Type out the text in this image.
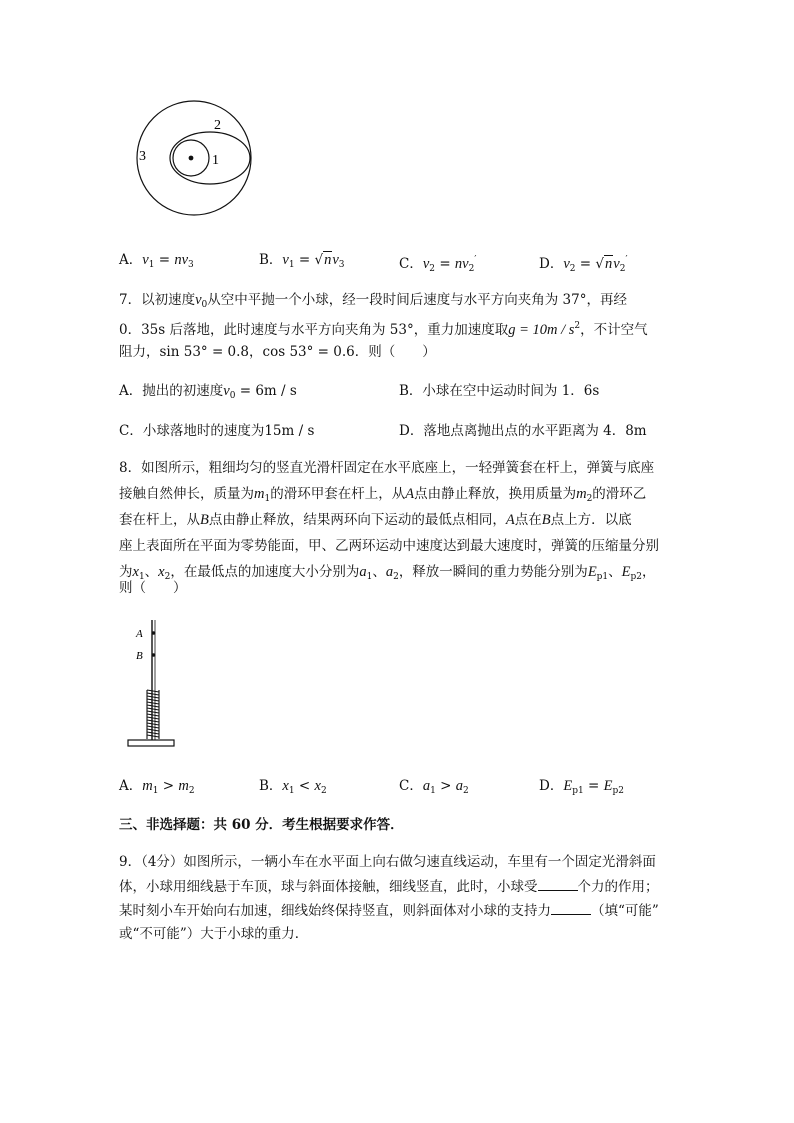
1
2
3
A．$v_1 = nv_3$	B．$v_1 = √nv_3$	C．$v_2 = nv_2'$	D．$v_2 = √nv_2'$
7．以初速度$v_0$从空中平抛一个小球，经一段时间后速度与水平方向夹角为 37°，再经
0．35s 后落地，此时速度与水平方向夹角为 53°，重力加速度取$g = 10m / s^2$，不计空气
阻力，sin 53° = 0.8，cos 53° = 0.6．则（　　）
A．抛出的初速度$v_0 = 6m / s$	B．小球在空中运动时间为 1．6s
C．小球落地时的速度为15m / s	D．落地点离抛出点的水平距离为 4．8m
8．如图所示，粗细均匀的竖直光滑杆固定在水平底座上，一轻弹簧套在杆上，弹簧与底座
接触自然伸长，质量为$m_1$的滑环甲套在杆上，从A点由静止释放，换用质量为$m_2$的滑环乙
套在杆上，从B点由静止释放，结果两环向下运动的最低点相同，A点在B点上方．以底
座上表面所在平面为零势能面，甲、乙两环运动中速度达到最大速度时，弹簧的压缩量分别
为$x_1$、$x_2$，在最低点的加速度大小分别为$a_1$、$a_2$，释放一瞬间的重力势能分别为$E_{p1}$、$E_{p2}$，
则（　　）
A
B
A．$m_1 > m_2$	B．$x_1 < x_2$	C．$a_1 > a_2$	D．$E_{p1} = E_{p2}$
三、非选择题：共 60 分．考生根据要求作答．
9．（4分）如图所示，一辆小车在水平面上向右做匀速直线运动，车里有一个固定光滑斜面
体，小球用细线悬于车顶，球与斜面体接触，细线竖直，此时，小球受	个力的作用；
某时刻小车开始向右加速，细线始终保持竖直，则斜面体对小球的支持力	（填“可能”
或“不可能”）大于小球的重力．
